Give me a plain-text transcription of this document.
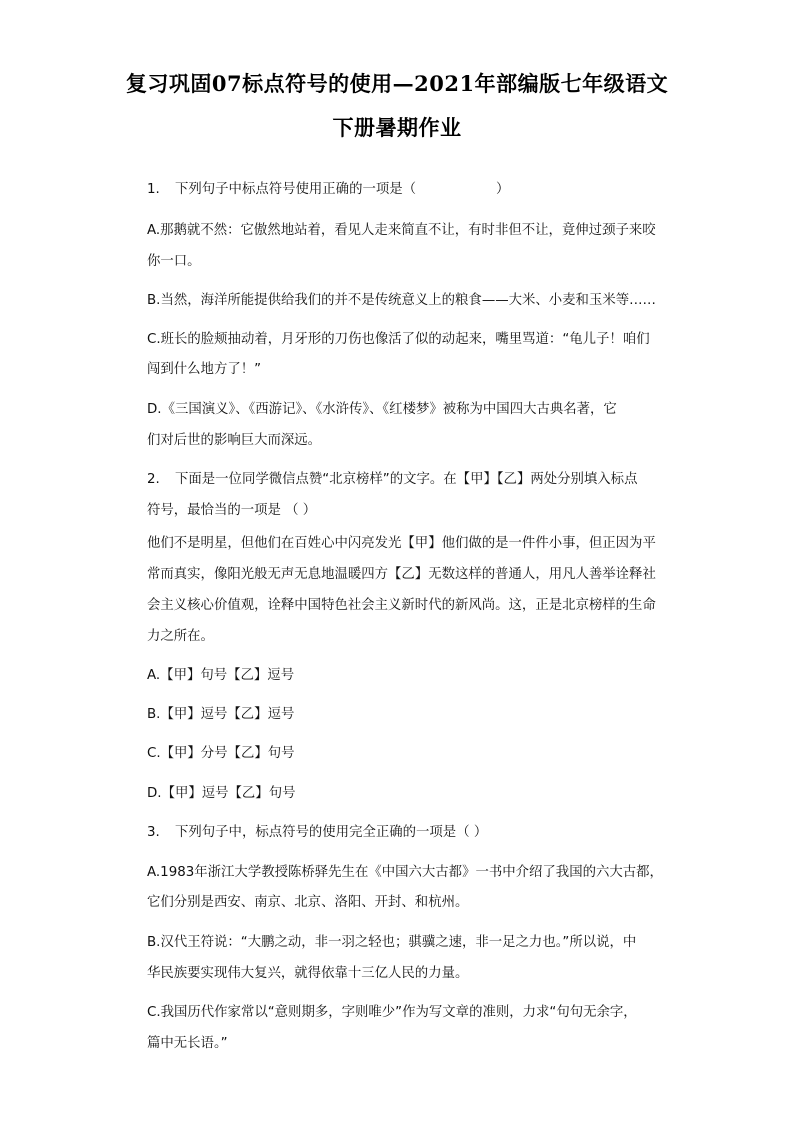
复习巩固07标点符号的使用—2021年部编版七年级语文
下册暑期作业
1. 下列句子中标点符号使用正确的一项是（	）
A.那鹅就不然：它傲然地站着，看见人走来简直不让，有时非但不让，竟伸过颈子来咬
你一口。
B.当然，海洋所能提供给我们的并不是传统意义上的粮食——大米、小麦和玉米等……
C.班长的脸颊抽动着，月牙形的刀伤也像活了似的动起来，嘴里骂道：“龟儿子！咱们
闯到什么地方了！”
D.《三国演义》、《西游记》、《水浒传》、《红楼梦》被称为中国四大古典名著，它
们对后世的影响巨大而深远。
2. 下面是一位同学微信点赞“北京榜样”的文字。在【甲】【乙】两处分别填入标点
符号，最恰当的一项是 （ ）
他们不是明星，但他们在百姓心中闪亮发光【甲】他们做的是一件件小事，但正因为平
常而真实，像阳光般无声无息地温暖四方【乙】无数这样的普通人，用凡人善举诠释社
会主义核心价值观，诠释中国特色社会主义新时代的新风尚。这，正是北京榜样的生命
力之所在。
A.【甲】句号【乙】逗号
B.【甲】逗号【乙】逗号
C.【甲】分号【乙】句号
D.【甲】逗号【乙】句号
3. 下列句子中，标点符号的使用完全正确的一项是（ ）
A.1983年浙江大学教授陈桥驿先生在《中国六大古都》一书中介绍了我国的六大古都，
它们分别是西安、南京、北京、洛阳、开封、和杭州。
B.汉代王符说：“大鹏之动，非一羽之轻也；骐骥之速，非一足之力也。”所以说，中
华民族要实现伟大复兴，就得依靠十三亿人民的力量。
C.我国历代作家常以“意则期多，字则唯少”作为写文章的准则，力求“句句无余字，
篇中无长语。”
